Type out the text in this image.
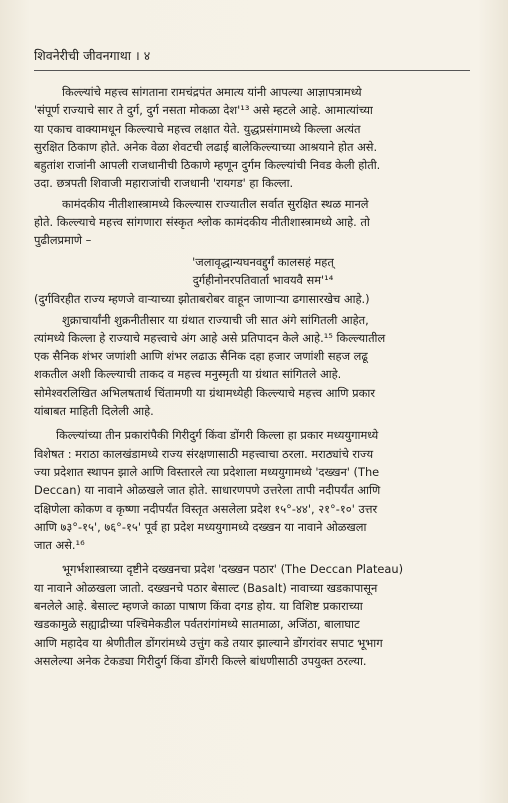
शिवनेरीची जीवनगाथा । ४
किल्ल्यांचे महत्त्व सांगताना रामचंद्रपंत अमात्य यांनी आपल्या आज्ञापत्रामध्ये
'संपूर्ण राज्याचे सार ते दुर्ग, दुर्ग नसता मोकळा देश'¹³ असे म्हटले आहे. आमात्यांच्या
या एकाच वाक्यामधून किल्ल्याचे महत्त्व लक्षात येते. युद्धप्रसंगामध्ये किल्ला अत्यंत
सुरक्षित ठिकाण होते. अनेक वेळा शेवटची लढाई बालेकिल्ल्याच्या आश्रयाने होत असे.
बहुतांश राजांनी आपली राजधानीची ठिकाणे म्हणून दुर्गम किल्ल्यांची निवड केली होती.
उदा. छत्रपती शिवाजी महाराजांची राजधानी 'रायगड' हा किल्ला.
कामंदकीय नीतीशास्त्रामध्ये किल्ल्यास राज्यातील सर्वात सुरक्षित स्थळ मानले
होते. किल्ल्याचे महत्त्व सांगणारा संस्कृत श्लोक कामंदकीय नीतीशास्त्रामध्ये आहे. तो
पुढीलप्रमाणे –
'जलावृद्धान्यघनवद्दुर्गं कालसहं महत्
दुर्गहीनोनरपतिवार्ता भावयवै सम'¹⁴
(दुर्गविरहीत राज्य म्हणजे वाऱ्याच्या झोताबरोबर वाहून जाणाऱ्या ढगासारखेच आहे.)
शुक्राचार्यांनी शुक्रनीतीसार या ग्रंथात राज्याची जी सात अंगे सांगितली आहेत,
त्यांमध्ये किल्ला हे राज्याचे महत्त्वाचे अंग आहे असे प्रतिपादन केले आहे.¹⁵ किल्ल्यातील
एक सैनिक शंभर जणांशी आणि शंभर लढाऊ सैनिक दहा हजार जणांशी सहज लढू
शकतील अशी किल्ल्याची ताकद व महत्त्व मनुस्मृती या ग्रंथात सांगितले आहे.
सोमेश्वरलिखित अभिलषतार्थ चिंतामणी या ग्रंथामध्येही किल्ल्याचे महत्त्व आणि प्रकार
यांबाबत माहिती दिलेली आहे.
किल्ल्यांच्या तीन प्रकारांपैकी गिरीदुर्ग किंवा डोंगरी किल्ला हा प्रकार मध्ययुगामध्ये
विशेषत : मराठा कालखंडामध्ये राज्य संरक्षणासाठी महत्त्वाचा ठरला. मराठ्यांचे राज्य
ज्या प्रदेशात स्थापन झाले आणि विस्तारले त्या प्रदेशाला मध्ययुगामध्ये 'दख्खन' (The
Deccan) या नावाने ओळखले जात होते. साधारणपणे उत्तरेला तापी नदीपर्यंत आणि
दक्षिणेला कोकण व कृष्णा नदीपर्यंत विस्तृत असलेला प्रदेश १५°-४४', २१°-१०' उत्तर
आणि ७३°-१५', ७६°-१५' पूर्व हा प्रदेश मध्ययुगामध्ये दख्खन या नावाने ओळखला
जात असे.¹⁶
भूगर्भशास्त्राच्या दृष्टीने दख्खनचा प्रदेश 'दख्खन पठार' (The Deccan Plateau)
या नावाने ओळखला जातो. दख्खनचे पठार बेसाल्ट (Basalt) नावाच्या खडकापासून
बनलेले आहे. बेसाल्ट म्हणजे काळा पाषाण किंवा दगड होय. या विशिष्ट प्रकाराच्या
खडकामुळे सह्याद्रीच्या पश्चिमेकडील पर्वतरांगांमध्ये सातमाळा, अजिंठा, बालाघाट
आणि महादेव या श्रेणीतील डोंगरांमध्ये उत्तुंग कडे तयार झाल्याने डोंगरांवर सपाट भूभाग
असलेल्या अनेक टेकड्या गिरीदुर्ग किंवा डोंगरी किल्ले बांधणीसाठी उपयुक्त ठरल्या.
